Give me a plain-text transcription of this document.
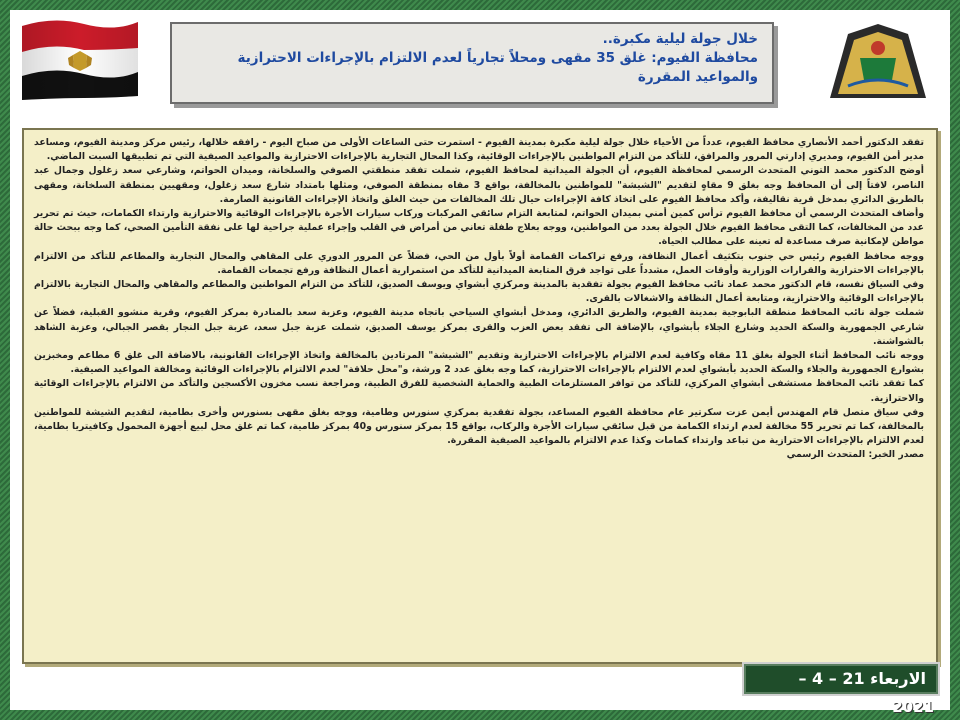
خلال جولة ليلية مكبرة..
محافظة الفيوم: غلق 35 مقهى ومحلاً تجارياً لعدم الالتزام بالإجراءات الاحترازية والمواعيد المقررة

تفقد الدكتور أحمد الأنصاري محافظ الفيوم، عدداً من الأحياء خلال جولة ليلية مكبرة بمدينة الفيوم - استمرت حتى الساعات الأولى من صباح اليوم - رافقه خلالها، رئيس مركز ومدينة الفيوم، ومساعد مدير أمن الفيوم، ومديري إدارتي المرور والمرافق، للتأكد من التزام المواطنين بالإجراءات الوقائية، وكذا المحال التجارية بالإجراءات الاحترازية والمواعيد الصيفية التي تم تطبيقها السبت الماضي.

أوضح الدكتور محمد التوني المتحدث الرسمي لمحافظة الفيوم، أن الجولة الميدانية لمحافظ الفيوم، شملت تفقد منطقتي الصوفي والسلخانة، وميدان الحواتم، وشارعي سعد زغلول وجمال عبد الناصر، لافتاً إلى أن المحافظ وجه بغلق 9 مقاهٍ لتقديم "الشيشة" للمواطنين بالمخالفة، بواقع 3 مقاه بمنطقة الصوفي، ومثلها بامتداد شارع سعد زغلول، ومقهيين بمنطقة السلخانة، ومقهى بالطريق الدائري بمدخل قرية نقاليفة، وأكد محافظ الفيوم على اتخاذ كافة الإجراءات حيال تلك المخالفات من حيث الغلق واتخاذ الإجراءات القانونية الصارمة.

وأضاف المتحدث الرسمي أن محافظ الفيوم ترأس كمين أمني بميدان الحواتم، لمتابعة التزام سائقي المركبات وركاب سيارات الأجرة بالإجراءات الوقائية والاحترازية وارتداء الكمامات، حيث تم تحرير عدد من المخالفات، كما التقى محافظ الفيوم خلال الجولة بعدد من المواطنين، ووجه بعلاج طفلة تعاني من أمراض في القلب وإجراء عملية جراحية لها على نفقة التأمين الصحي، كما وجه ببحث حالة مواطن لإمكانية صرف مساعدة له تعينه على مطالب الحياة.

ووجه محافظ الفيوم رئيس حي جنوب بتكثيف أعمال النظافة، ورفع تراكمات القمامة أولاً بأول من الحي، فضلاً عن المرور الدوري على المقاهي والمحال التجارية والمطاعم للتأكد من الالتزام بالإجراءات الاحترازية والقرارات الوزارية وأوقات العمل، مشدداً على تواجد فرق المتابعة الميدانية للتأكد من استمرارية أعمال النظافة ورفع تجمعات القمامة.

وفي السياق نفسه، قام الدكتور محمد عماد نائب محافظ الفيوم بجولة تفقدية بالمدينة ومركزي أبشواي ويوسف الصديق، للتأكد من التزام المواطنين والمطاعم والمقاهي والمحال التجارية بالالتزام بالإجراءات الوقائية والاحترازية، ومتابعة أعمال النظافة والاشغالات بالقرى.

شملت جولة نائب المحافظ منطقة البابوجية بمدينة الفيوم، والطريق الدائري، ومدخل أبشواي السياحي باتجاه مدينة الفيوم، وعزبة سعد بالمنادرة بمركز الفيوم، وقرية منشوو القبلية، فضلاً عن شارعي الجمهورية والسكة الحديد وشارع الجلاء بأبشواي، بالإضافة الى تفقد بعض العزب والقرى بمركز يوسف الصديق، شملت عزبة جبل سعد، عزبة جبل النجار بقصر الجبالي، وعزبة الشاهد بالشواشنة.

ووجه نائب المحافظ أثناء الجولة بغلق 11 مقاه وكافية لعدم الالتزام بالإجراءات الاحترازية وتقديم "الشيشة" المرتادين بالمخالفة واتخاذ الإجراءات القانونية، بالاضافة الى غلق 6 مطاعم ومخبزين بشوارع الجمهورية والجلاء والسكة الحديد بأبشواي لعدم الالتزام بالإجراءات الاحترازية، كما وجه بغلق عدد 2 ورشة، و"محل حلاقة" لعدم الالتزام بالإجراءات الوقائية ومخالفة المواعيد الصيفية.

كما تفقد نائب المحافظ مستشفى أبشواي المركزي، للتأكد من توافر المستلزمات الطبية والحماية الشخصية للفرق الطبية، ومراجعة نسب مخزون الأكسجين والتأكد من الالتزام بالإجراءات الوقائية والاحترازية.

وفي سياق متصل قام المهندس أيمن عزت سكرتير عام محافظة الفيوم المساعد، بجولة تفقدية بمركزي سنورس وطامية، ووجه بغلق مقهى بسنورس وأخرى بطامية، لتقديم الشيشة للمواطنين بالمخالفة، كما تم تحرير 55 مخالفة لعدم ارتداء الكمامة من قبل سائقي سيارات الأجرة والركاب، بواقع 15 بمركز سنورس و40 بمركز طامية، كما تم غلق محل لبيع أجهزة المحمول وكافيتريا بطامية، لعدم الالتزام بالإجراءات الاحترازية من تباعد وارتداء كمامات وكذا عدم الالتزام بالمواعيد الصيفية المقررة.

مصدر الخبر: المتحدث الرسمي

الاربعاء 21 – 4 –
2021
